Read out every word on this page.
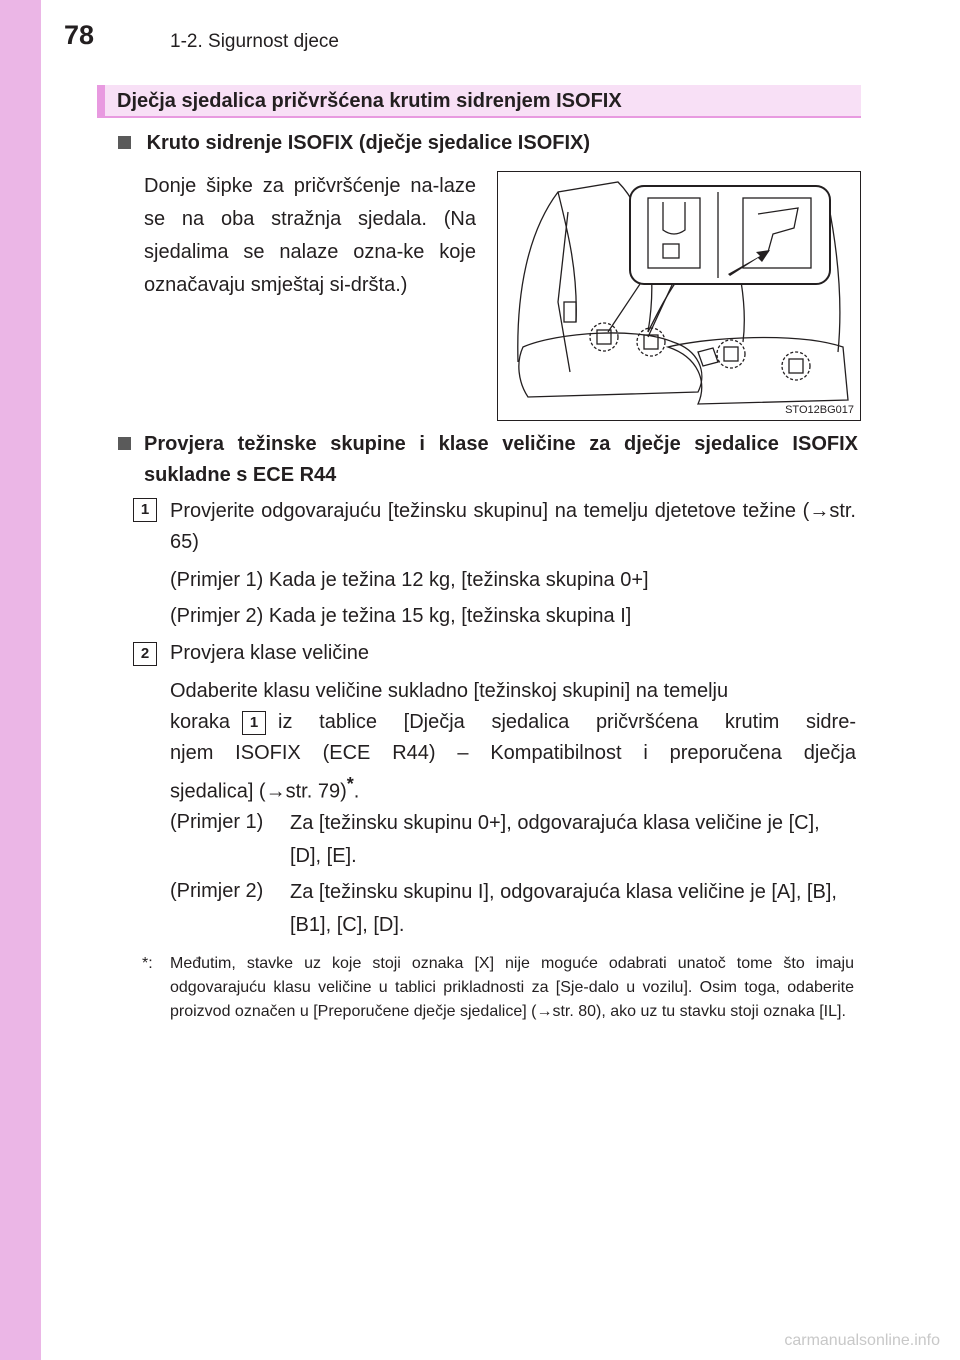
78	1-2. Sigurnost djece
Dječja sjedalica pričvršćena krutim sidrenjem ISOFIX
Kruto sidrenje ISOFIX (dječje sjedalice ISOFIX)
Donje šipke za pričvršćenje na-laze se na oba stražnja sjedala. (Na sjedalima se nalaze ozna-ke koje označavaju smještaj si-dršta.)
STO12BG017
Provjera težinske skupine i klase veličine za dječje sjedalice ISOFIX sukladne s ECE R44
1	Provjerite odgovarajuću [težinsku skupinu] na temelju djetetove težine (→str. 65)
(Primjer 1) Kada je težina 12 kg, [težinska skupina 0+]
(Primjer 2) Kada je težina 15 kg, [težinska skupina I]
2	Provjera klase veličine
Odaberite klasu veličine sukladno [težinskoj skupini] na temelju
koraka	1 iz tablice [Dječja sjedalica pričvršćena krutim sidre-
njem ISOFIX (ECE R44) – Kompatibilnost i preporučena dječja
sjedalica] (→str. 79)*.
(Primjer 1) Za [težinsku skupinu 0+], odgovarajuća klasa veličine je [C], [D], [E].
(Primjer 2) Za [težinsku skupinu I], odgovarajuća klasa veličine je [A], [B], [B1], [C], [D].
*: Međutim, stavke uz koje stoji oznaka [X] nije moguće odabrati unatoč tome što imaju odgovarajuću klasu veličine u tablici prikladnosti za [Sje-dalo u vozilu]. Osim toga, odaberite proizvod označen u [Preporučene dječje sjedalice] (→str. 80), ako uz tu stavku stoji oznaka [IL].
carmanualsonline.info
